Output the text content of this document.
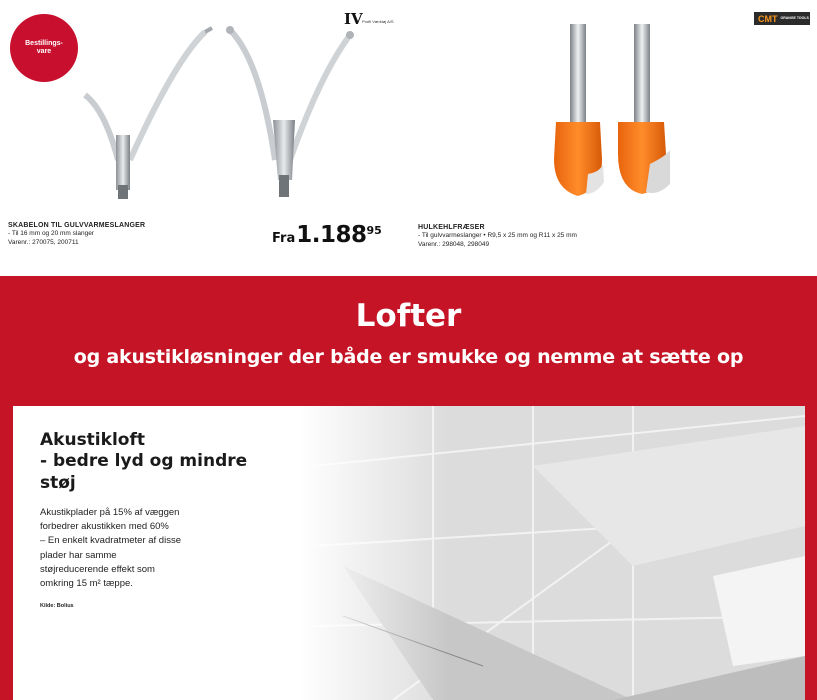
Bestillings-
vare
IV Profil Værktøj A/S
SKABELON TIL GULVVARMESLANGER
- Til 16 mm og 20 mm slanger
Varenr.: 270075, 200711	Fra 1.188 95
CMT ORANGE TOOLS
HULKEHLFRÆSER
- Til gulvvarmeslanger • R9,5 x 25 mm og R11 x 25 mm
Varenr.: 298048, 298049
Lofter
og akustikløsninger der både er smukke og nemme at sætte op
Akustikloft
- bedre lyd og mindre støj
Akustikplader på 15% af væggen
forbedrer akustikken med 60%
– En enkelt kvadratmeter af disse
plader har samme
støjreducerende effekt som
omkring 15 m² tæppe.
Kilde: Bolius
